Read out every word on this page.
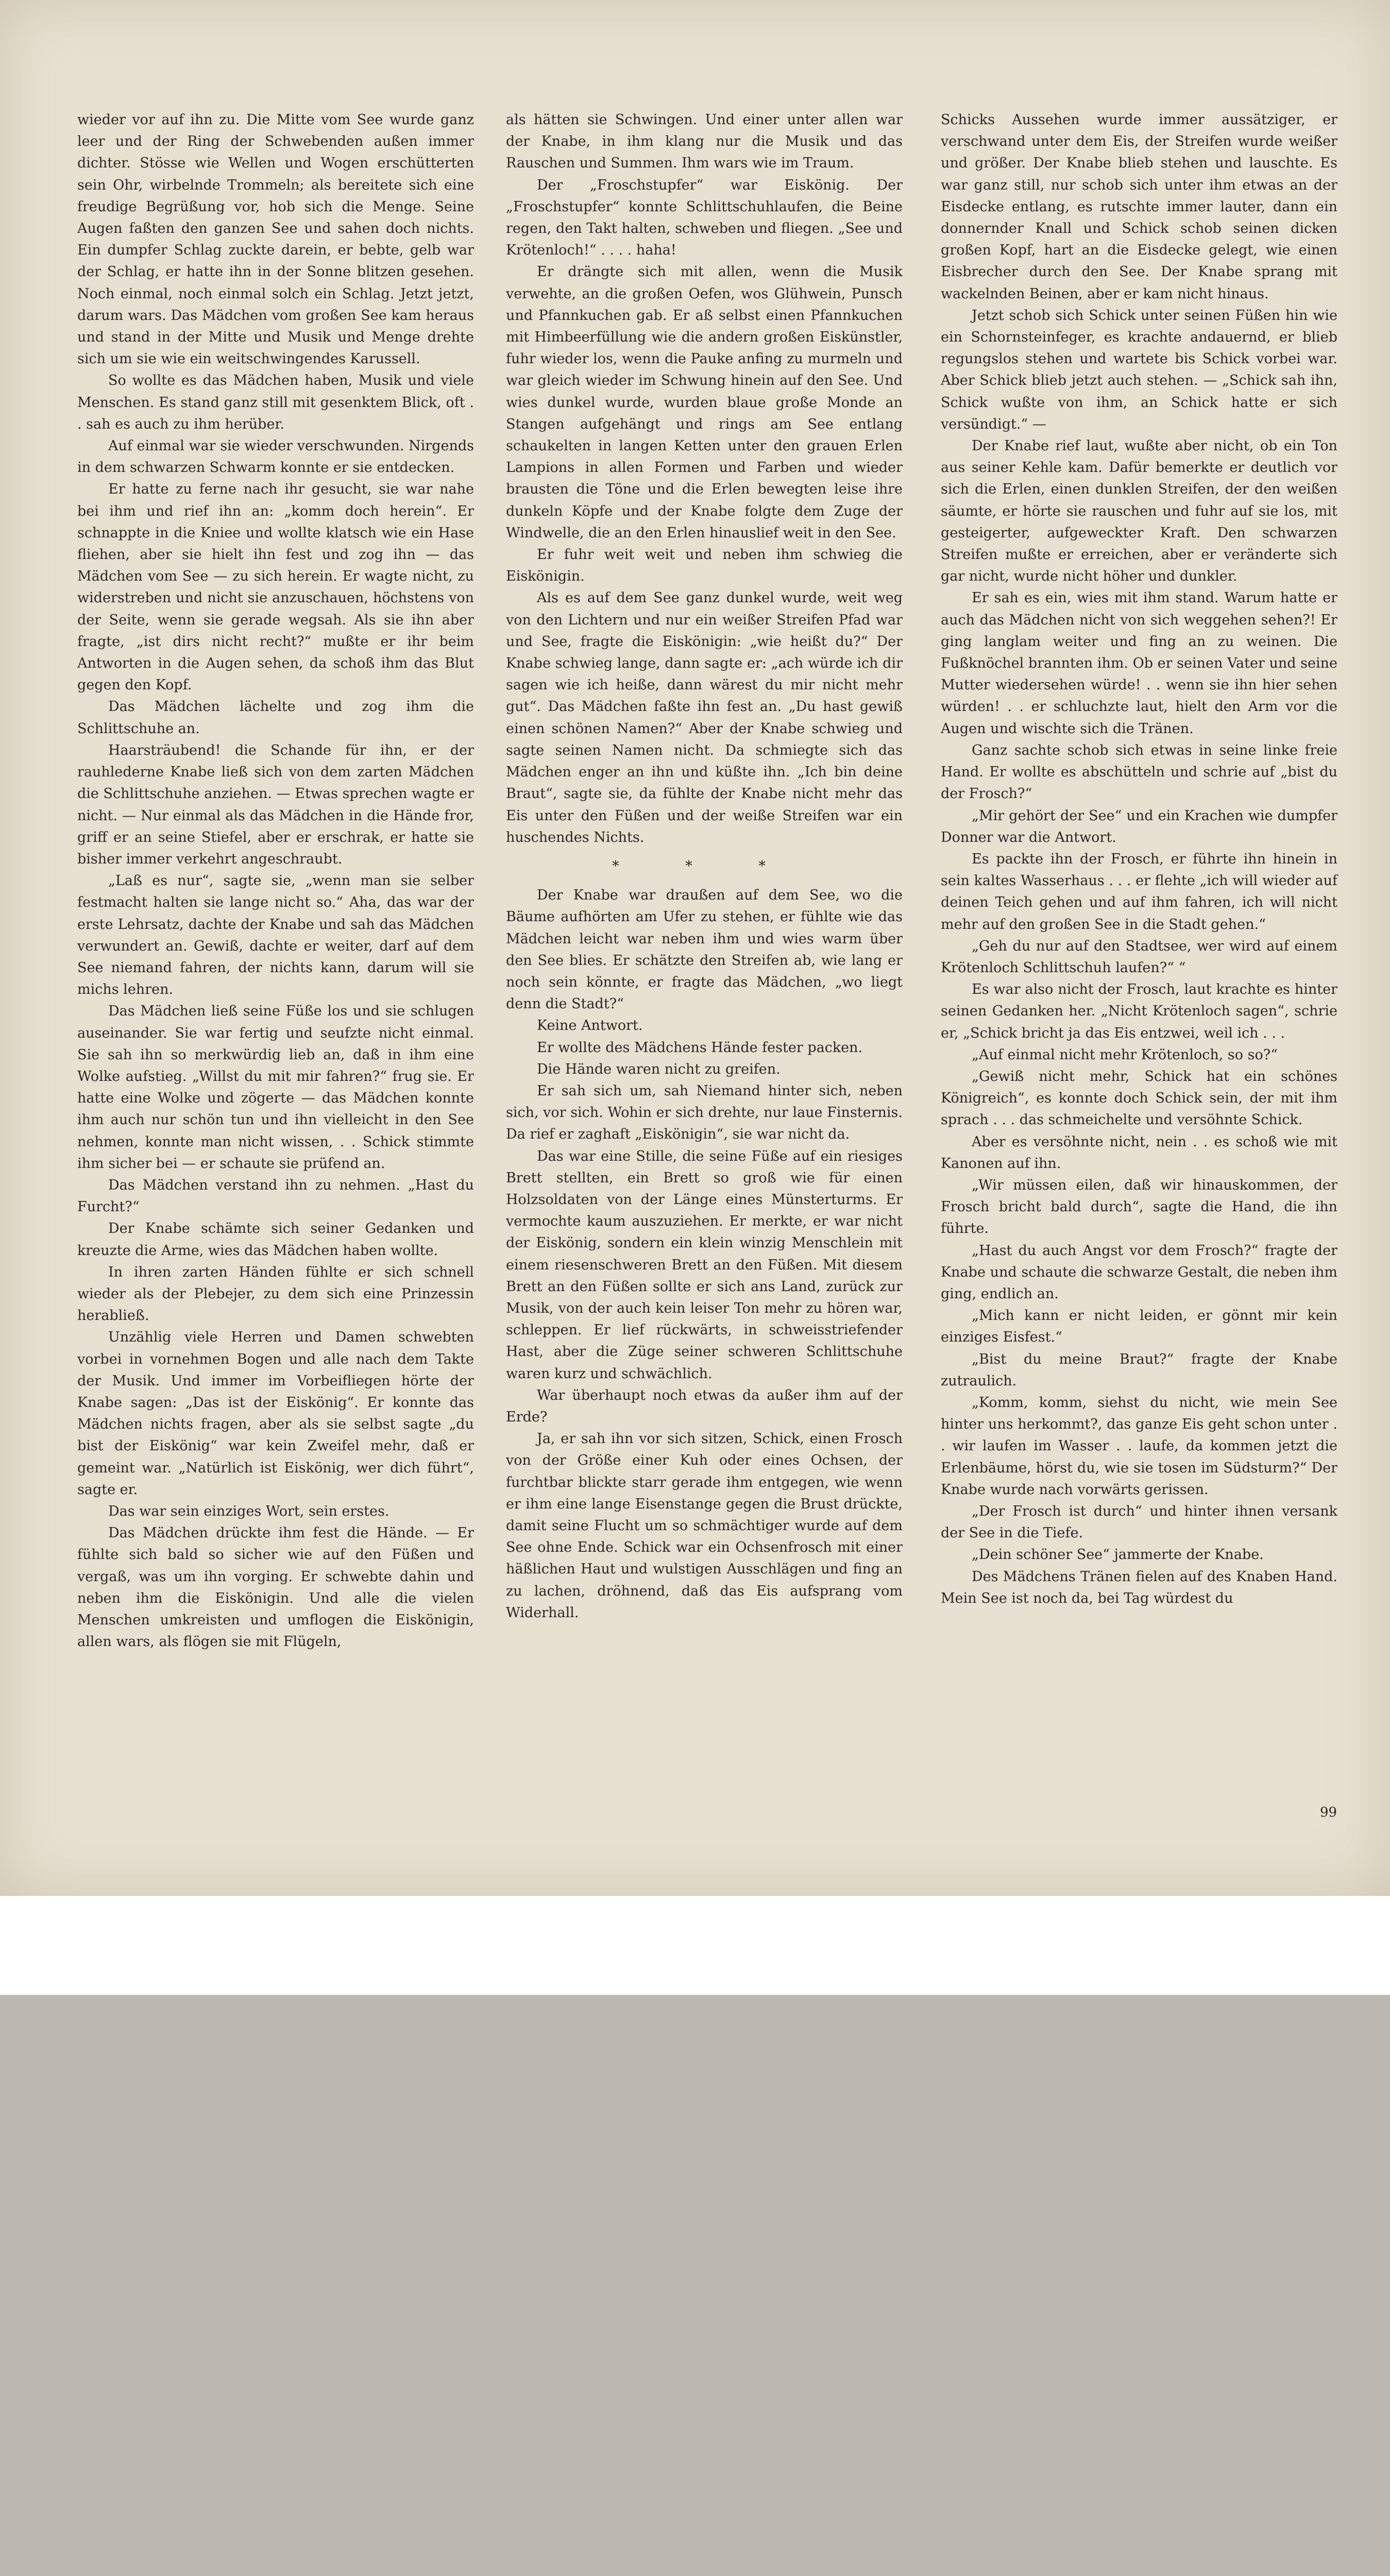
wieder vor auf ihn zu. Die Mitte vom See wurde ganz leer und der Ring der Schwebenden außen immer dichter. Stösse wie Wellen und Wogen erschütterten sein Ohr, wirbelnde Trommeln; als bereitete sich eine freudige Begrüßung vor, hob sich die Menge. Seine Augen faßten den ganzen See und sahen doch nichts. Ein dumpfer Schlag zuckte darein, er bebte, gelb war der Schlag, er hatte ihn in der Sonne blitzen gesehen. Noch einmal, noch einmal solch ein Schlag. Jetzt jetzt, darum wars. Das Mädchen vom großen See kam heraus und stand in der Mitte und Musik und Menge drehte sich um sie wie ein weitschwingendes Karussell.

So wollte es das Mädchen haben, Musik und viele Menschen. Es stand ganz still mit gesenktem Blick, oft . . sah es auch zu ihm herüber.

Auf einmal war sie wieder verschwunden. Nirgends in dem schwarzen Schwarm konnte er sie entdecken.

Er hatte zu ferne nach ihr gesucht, sie war nahe bei ihm und rief ihn an: „komm doch herein“. Er schnappte in die Kniee und wollte klatsch wie ein Hase fliehen, aber sie hielt ihn fest und zog ihn — das Mädchen vom See — zu sich herein. Er wagte nicht, zu widerstreben und nicht sie anzuschauen, höchstens von der Seite, wenn sie gerade wegsah. Als sie ihn aber fragte, „ist dirs nicht recht?“ mußte er ihr beim Antworten in die Augen sehen, da schoß ihm das Blut gegen den Kopf.

Das Mädchen lächelte und zog ihm die Schlittschuhe an.

Haarsträubend! die Schande für ihn, er der rauhlederne Knabe ließ sich von dem zarten Mädchen die Schlittschuhe anziehen. — Etwas sprechen wagte er nicht. — Nur einmal als das Mädchen in die Hände fror, griff er an seine Stiefel, aber er erschrak, er hatte sie bisher immer verkehrt angeschraubt.

„Laß es nur“, sagte sie, „wenn man sie selber festmacht halten sie lange nicht so.“ Aha, das war der erste Lehrsatz, dachte der Knabe und sah das Mädchen verwundert an. Gewiß, dachte er weiter, darf auf dem See niemand fahren, der nichts kann, darum will sie michs lehren.

Das Mädchen ließ seine Füße los und sie schlugen auseinander. Sie war fertig und seufzte nicht einmal. Sie sah ihn so merkwürdig lieb an, daß in ihm eine Wolke aufstieg. „Willst du mit mir fahren?“ frug sie. Er hatte eine Wolke und zögerte — das Mädchen konnte ihm auch nur schön tun und ihn vielleicht in den See nehmen, konnte man nicht wissen, . . Schick stimmte ihm sicher bei — er schaute sie prüfend an.

Das Mädchen verstand ihn zu nehmen. „Hast du Furcht?“

Der Knabe schämte sich seiner Gedanken und kreuzte die Arme, wies das Mädchen haben wollte.

In ihren zarten Händen fühlte er sich schnell wieder als der Plebejer, zu dem sich eine Prinzessin herabließ.

Unzählig viele Herren und Damen schwebten vorbei in vornehmen Bogen und alle nach dem Takte der Musik. Und immer im Vorbeifliegen hörte der Knabe sagen: „Das ist der Eiskönig“. Er konnte das Mädchen nichts fragen, aber als sie selbst sagte „du bist der Eiskönig“ war kein Zweifel mehr, daß er gemeint war. „Natürlich ist Eiskönig, wer dich führt“, sagte er.

Das war sein einziges Wort, sein erstes.

Das Mädchen drückte ihm fest die Hände. — Er fühlte sich bald so sicher wie auf den Füßen und vergaß, was um ihn vorging. Er schwebte dahin und neben ihm die Eiskönigin. Und alle die vielen Menschen umkreisten und umflogen die Eiskönigin, allen wars, als flögen sie mit Flügeln,

als hätten sie Schwingen. Und einer unter allen war der Knabe, in ihm klang nur die Musik und das Rauschen und Summen. Ihm wars wie im Traum.

Der „Froschstupfer“ war Eiskönig. Der „Froschstupfer“ konnte Schlittschuhlaufen, die Beine regen, den Takt halten, schweben und fliegen. „See und Krötenloch!“ . . . . haha!

Er drängte sich mit allen, wenn die Musik verwehte, an die großen Oefen, wos Glühwein, Punsch und Pfannkuchen gab. Er aß selbst einen Pfannkuchen mit Himbeerfüllung wie die andern großen Eiskünstler, fuhr wieder los, wenn die Pauke anfing zu murmeln und war gleich wieder im Schwung hinein auf den See. Und wies dunkel wurde, wurden blaue große Monde an Stangen aufgehängt und rings am See entlang schaukelten in langen Ketten unter den grauen Erlen Lampions in allen Formen und Farben und wieder brausten die Töne und die Erlen bewegten leise ihre dunkeln Köpfe und der Knabe folgte dem Zuge der Windwelle, die an den Erlen hinauslief weit in den See.

Er fuhr weit weit und neben ihm schwieg die Eiskönigin.

Als es auf dem See ganz dunkel wurde, weit weg von den Lichtern und nur ein weißer Streifen Pfad war und See, fragte die Eiskönigin: „wie heißt du?“ Der Knabe schwieg lange, dann sagte er: „ach würde ich dir sagen wie ich heiße, dann wärest du mir nicht mehr gut“. Das Mädchen faßte ihn fest an. „Du hast gewiß einen schönen Namen?“ Aber der Knabe schwieg und sagte seinen Namen nicht. Da schmiegte sich das Mädchen enger an ihn und küßte ihn. „Ich bin deine Braut“, sagte sie, da fühlte der Knabe nicht mehr das Eis unter den Füßen und der weiße Streifen war ein huschendes Nichts.

* * *

Der Knabe war draußen auf dem See, wo die Bäume aufhörten am Ufer zu stehen, er fühlte wie das Mädchen leicht war neben ihm und wies warm über den See blies. Er schätzte den Streifen ab, wie lang er noch sein könnte, er fragte das Mädchen, „wo liegt denn die Stadt?“

Keine Antwort.

Er wollte des Mädchens Hände fester packen.

Die Hände waren nicht zu greifen.

Er sah sich um, sah Niemand hinter sich, neben sich, vor sich. Wohin er sich drehte, nur laue Finsternis. Da rief er zaghaft „Eiskönigin“, sie war nicht da.

Das war eine Stille, die seine Füße auf ein riesiges Brett stellten, ein Brett so groß wie für einen Holzsoldaten von der Länge eines Münsterturms. Er vermochte kaum auszuziehen. Er merkte, er war nicht der Eiskönig, sondern ein klein winzig Menschlein mit einem riesenschweren Brett an den Füßen. Mit diesem Brett an den Füßen sollte er sich ans Land, zurück zur Musik, von der auch kein leiser Ton mehr zu hören war, schleppen. Er lief rückwärts, in schweisstriefender Hast, aber die Züge seiner schweren Schlittschuhe waren kurz und schwächlich.

War überhaupt noch etwas da außer ihm auf der Erde?

Ja, er sah ihn vor sich sitzen, Schick, einen Frosch von der Größe einer Kuh oder eines Ochsen, der furchtbar blickte starr gerade ihm entgegen, wie wenn er ihm eine lange Eisenstange gegen die Brust drückte, damit seine Flucht um so schmächtiger wurde auf dem See ohne Ende. Schick war ein Ochsenfrosch mit einer häßlichen Haut und wulstigen Ausschlägen und fing an zu lachen, dröhnend, daß das Eis aufsprang vom Widerhall.

Schicks Aussehen wurde immer aussätziger, er verschwand unter dem Eis, der Streifen wurde weißer und größer. Der Knabe blieb stehen und lauschte. Es war ganz still, nur schob sich unter ihm etwas an der Eisdecke entlang, es rutschte immer lauter, dann ein donnernder Knall und Schick schob seinen dicken großen Kopf, hart an die Eisdecke gelegt, wie einen Eisbrecher durch den See. Der Knabe sprang mit wackelnden Beinen, aber er kam nicht hinaus.

Jetzt schob sich Schick unter seinen Füßen hin wie ein Schornsteinfeger, es krachte andauernd, er blieb regungslos stehen und wartete bis Schick vorbei war. Aber Schick blieb jetzt auch stehen. — „Schick sah ihn, Schick wußte von ihm, an Schick hatte er sich versündigt.“ —

Der Knabe rief laut, wußte aber nicht, ob ein Ton aus seiner Kehle kam. Dafür bemerkte er deutlich vor sich die Erlen, einen dunklen Streifen, der den weißen säumte, er hörte sie rauschen und fuhr auf sie los, mit gesteigerter, aufgeweckter Kraft. Den schwarzen Streifen mußte er erreichen, aber er veränderte sich gar nicht, wurde nicht höher und dunkler.

Er sah es ein, wies mit ihm stand. Warum hatte er auch das Mädchen nicht von sich weggehen sehen?! Er ging langlam weiter und fing an zu weinen. Die Fußknöchel brannten ihm. Ob er seinen Vater und seine Mutter wiedersehen würde! . . wenn sie ihn hier sehen würden! . . er schluchzte laut, hielt den Arm vor die Augen und wischte sich die Tränen.

Ganz sachte schob sich etwas in seine linke freie Hand. Er wollte es abschütteln und schrie auf „bist du der Frosch?“

„Mir gehört der See“ und ein Krachen wie dumpfer Donner war die Antwort.

Es packte ihn der Frosch, er führte ihn hinein in sein kaltes Wasserhaus . . . er flehte „ich will wieder auf deinen Teich gehen und auf ihm fahren, ich will nicht mehr auf den großen See in die Stadt gehen.“

„Geh du nur auf den Stadtsee, wer wird auf einem Krötenloch Schlittschuh laufen?“ “

Es war also nicht der Frosch, laut krachte es hinter seinen Gedanken her. „Nicht Krötenloch sagen“, schrie er, „Schick bricht ja das Eis entzwei, weil ich . . .

„Auf einmal nicht mehr Krötenloch, so so?“

„Gewiß nicht mehr, Schick hat ein schönes Königreich“, es konnte doch Schick sein, der mit ihm sprach . . . das schmeichelte und versöhnte Schick.

Aber es versöhnte nicht, nein . . es schoß wie mit Kanonen auf ihn.

„Wir müssen eilen, daß wir hinauskommen, der Frosch bricht bald durch“, sagte die Hand, die ihn führte.

„Hast du auch Angst vor dem Frosch?“ fragte der Knabe und schaute die schwarze Gestalt, die neben ihm ging, endlich an.

„Mich kann er nicht leiden, er gönnt mir kein einziges Eisfest.“

„Bist du meine Braut?“ fragte der Knabe zutraulich.

„Komm, komm, siehst du nicht, wie mein See hinter uns herkommt?, das ganze Eis geht schon unter . . wir laufen im Wasser . . laufe, da kommen jetzt die Erlenbäume, hörst du, wie sie tosen im Südsturm?“ Der Knabe wurde nach vorwärts gerissen.

„Der Frosch ist durch“ und hinter ihnen versank der See in die Tiefe.

„Dein schöner See“ jammerte der Knabe.

Des Mädchens Tränen fielen auf des Knaben Hand. Mein See ist noch da, bei Tag würdest du

99
